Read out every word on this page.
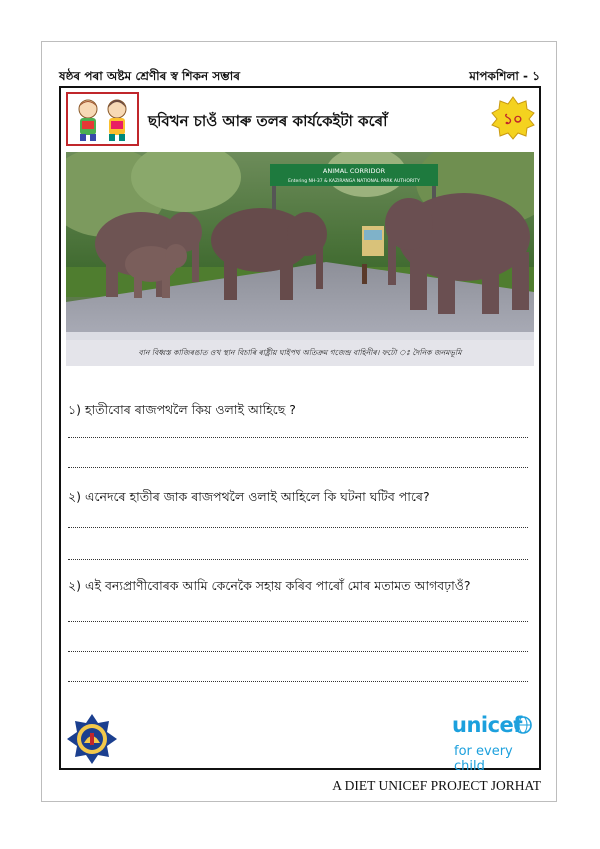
ষষ্ঠৰ পৰা অষ্টম শ্ৰেণীৰ স্ব শিকন সম্ভাৰ	মাপকশিলা - ১
ছবিখন চাওঁ আৰু তলৰ কাৰ্যকেইটা কৰোঁ	১০
ANIMAL CORRIDOR
Entering NH-37 & KAZIRANGA NATIONAL PARK AUTHORITY
বান বিধ্বস্ত কাজিৰঙাত ওখ স্থান বিচাৰি ৰাষ্ট্ৰীয় ঘাইপথ অতিক্ৰম গজেন্দ্ৰ বাহিনীৰ। ফটো ঃ দৈনিক জনমভূমি
১) হাতীবোৰ ৰাজপথলৈ কিয় ওলাই আহিছে ?
২) এনেদৰে হাতীৰ জাক ৰাজপথলৈ ওলাই আহিলে কি ঘটনা ঘটিব পাৰে?
২) এই বন্যপ্ৰাণীবোৰক আমি কেনেকৈ সহায় কৰিব পাৰোঁ মোৰ মতামত আগবঢ়াওঁ?
unicef
for every child
A DIET UNICEF PROJECT JORHAT
